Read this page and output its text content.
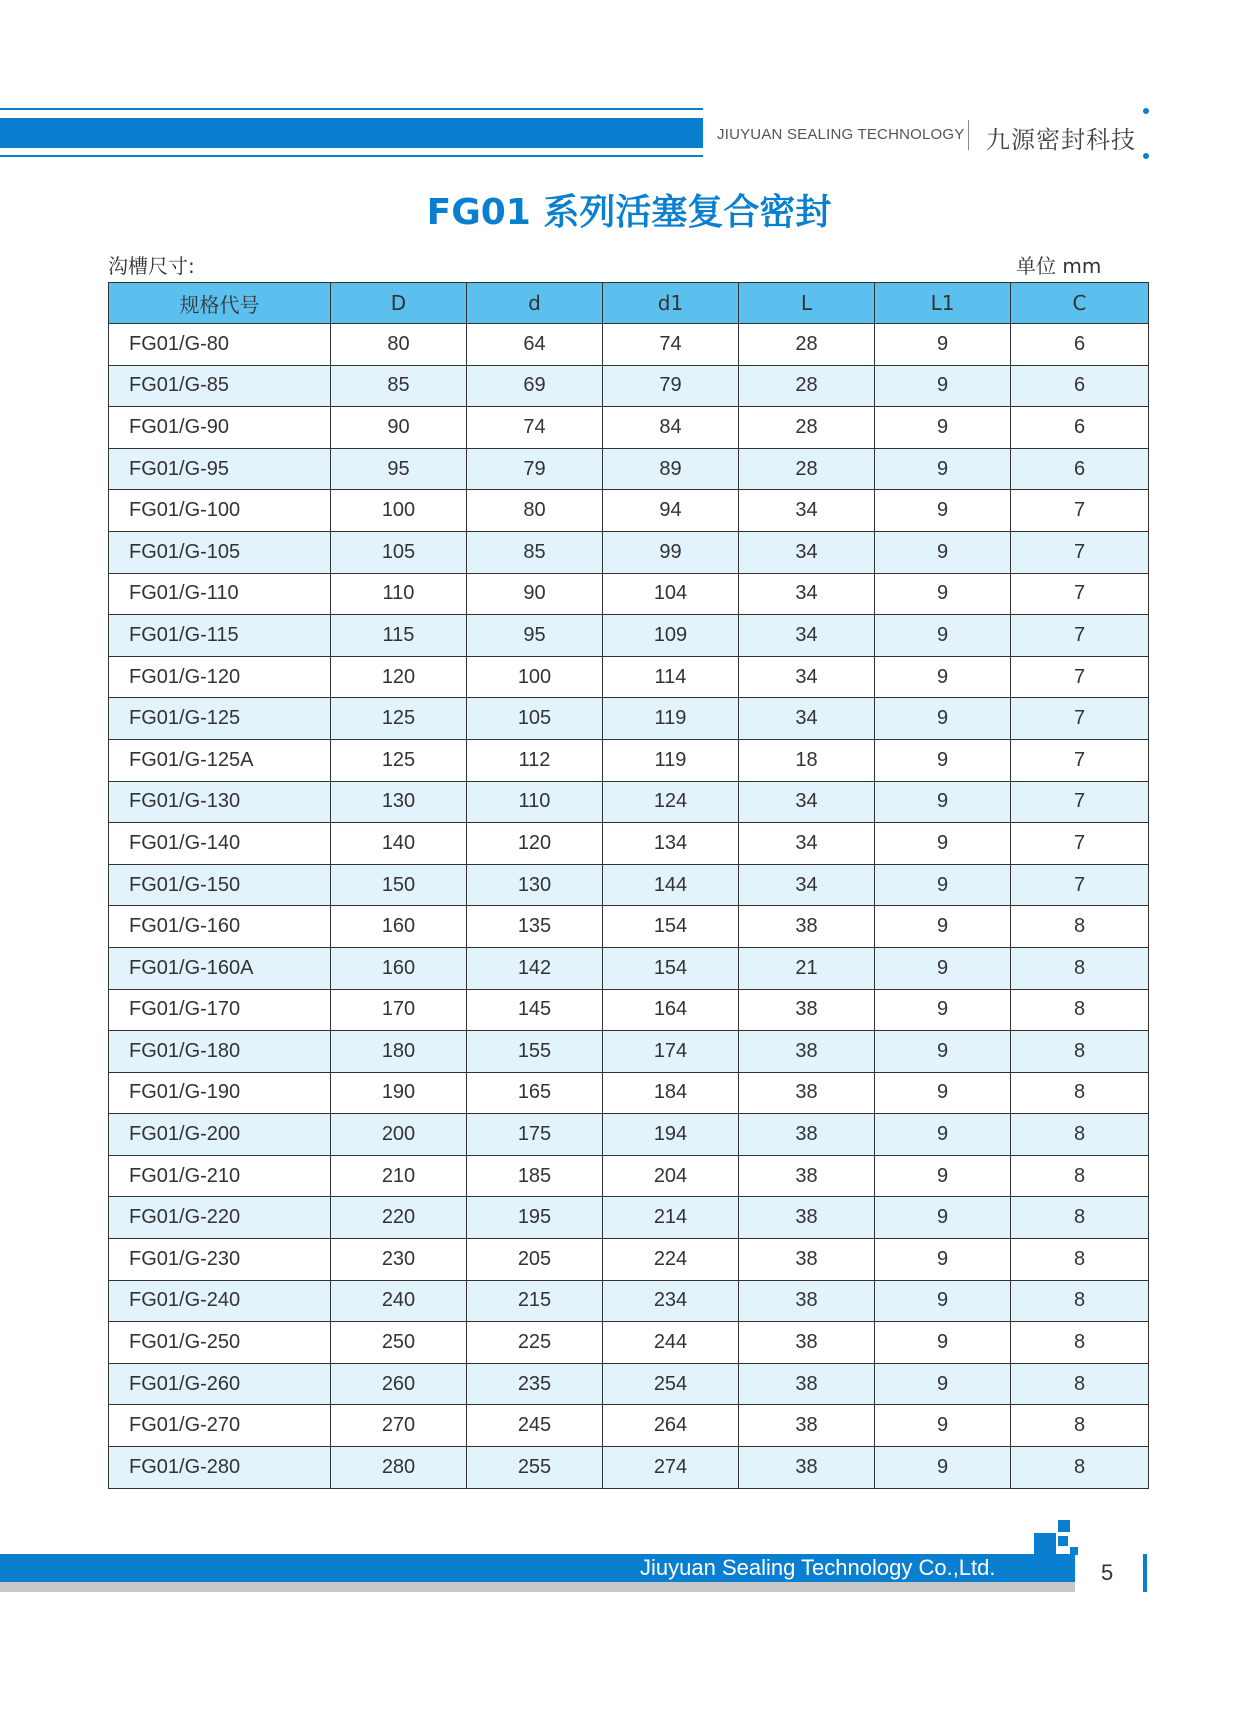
JIUYUAN SEALING TECHNOLOGY 九源密封科技
FG01 系列活塞复合密封
沟槽尺寸:	单位 mm
规格代号	D	d	d1	L	L1	C
FG01/G-80	80	64	74	28	9	6
FG01/G-85	85	69	79	28	9	6
FG01/G-90	90	74	84	28	9	6
FG01/G-95	95	79	89	28	9	6
FG01/G-100	100	80	94	34	9	7
FG01/G-105	105	85	99	34	9	7
FG01/G-110	110	90	104	34	9	7
FG01/G-115	115	95	109	34	9	7
FG01/G-120	120	100	114	34	9	7
FG01/G-125	125	105	119	34	9	7
FG01/G-125A	125	112	119	18	9	7
FG01/G-130	130	110	124	34	9	7
FG01/G-140	140	120	134	34	9	7
FG01/G-150	150	130	144	34	9	7
FG01/G-160	160	135	154	38	9	8
FG01/G-160A	160	142	154	21	9	8
FG01/G-170	170	145	164	38	9	8
FG01/G-180	180	155	174	38	9	8
FG01/G-190	190	165	184	38	9	8
FG01/G-200	200	175	194	38	9	8
FG01/G-210	210	185	204	38	9	8
FG01/G-220	220	195	214	38	9	8
FG01/G-230	230	205	224	38	9	8
FG01/G-240	240	215	234	38	9	8
FG01/G-250	250	225	244	38	9	8
FG01/G-260	260	235	254	38	9	8
FG01/G-270	270	245	264	38	9	8
FG01/G-280	280	255	274	38	9	8
Jiuyuan Sealing Technology Co.,Ltd.	5
